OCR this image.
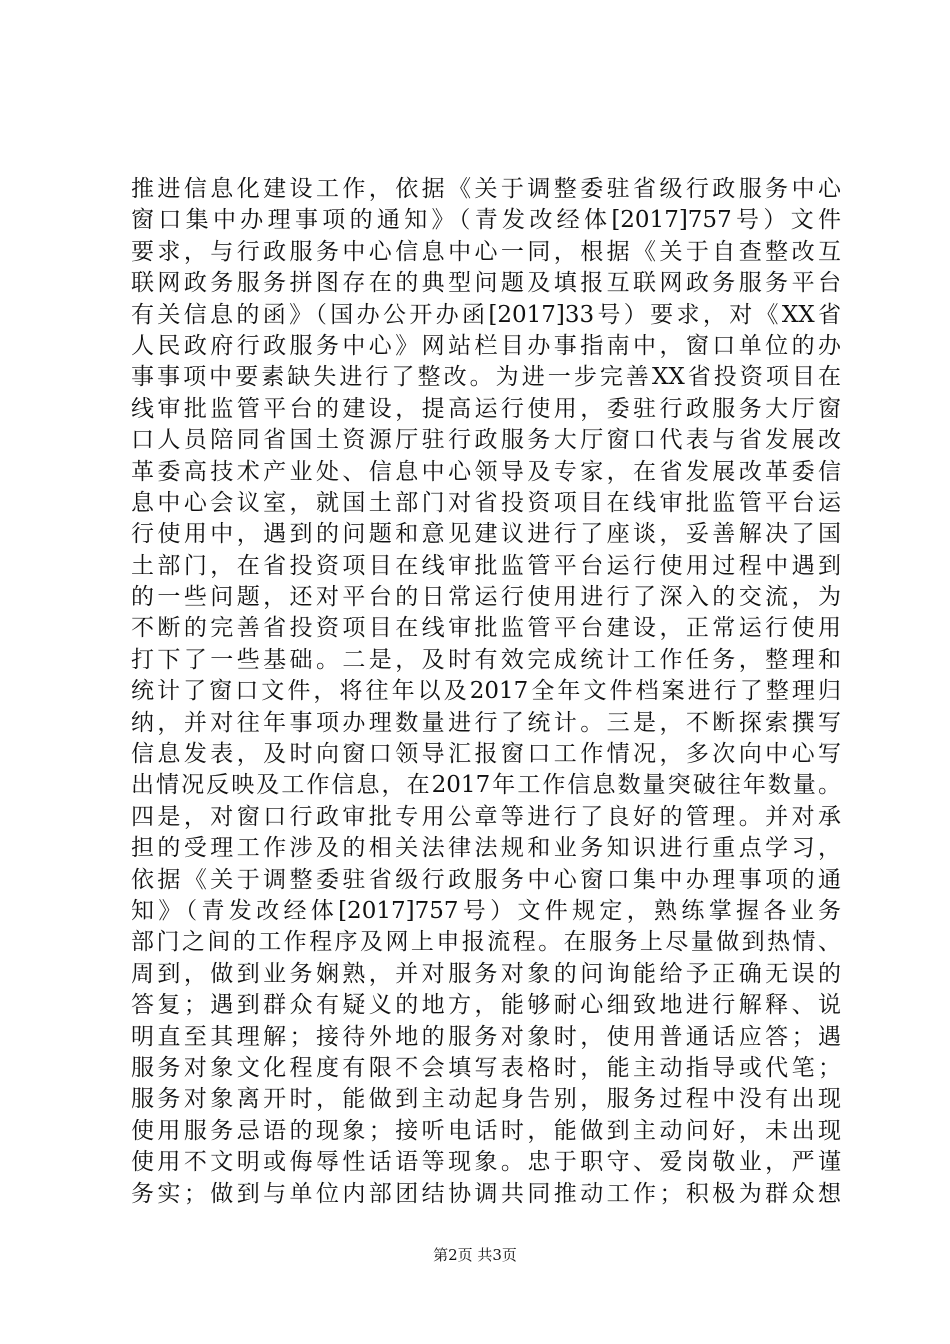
推进信息化建设工作，依据《关于调整委驻省级行政服务中心
窗口集中办理事项的通知》（青发改经体[2017]757号）文件
要求，与行政服务中心信息中心一同，根据《关于自查整改互
联网政务服务拼图存在的典型问题及填报互联网政务服务平台
有关信息的函》（国办公开办函[2017]33号）要求，对《XX省
人民政府行政服务中心》网站栏目办事指南中，窗口单位的办
事事项中要素缺失进行了整改。为进一步完善XX省投资项目在
线审批监管平台的建设，提高运行使用，委驻行政服务大厅窗
口人员陪同省国土资源厅驻行政服务大厅窗口代表与省发展改
革委高技术产业处、信息中心领导及专家，在省发展改革委信
息中心会议室，就国土部门对省投资项目在线审批监管平台运
行使用中，遇到的问题和意见建议进行了座谈，妥善解决了国
土部门，在省投资项目在线审批监管平台运行使用过程中遇到
的一些问题，还对平台的日常运行使用进行了深入的交流，为
不断的完善省投资项目在线审批监管平台建设，正常运行使用
打下了一些基础。二是，及时有效完成统计工作任务，整理和
统计了窗口文件，将往年以及2017全年文件档案进行了整理归
纳，并对往年事项办理数量进行了统计。三是，不断探索撰写
信息发表，及时向窗口领导汇报窗口工作情况，多次向中心写
出情况反映及工作信息，在2017年工作信息数量突破往年数量。
四是，对窗口行政审批专用公章等进行了良好的管理。并对承
担的受理工作涉及的相关法律法规和业务知识进行重点学习，
依据《关于调整委驻省级行政服务中心窗口集中办理事项的通
知》（青发改经体[2017]757号）文件规定，熟练掌握各业务
部门之间的工作程序及网上申报流程。在服务上尽量做到热情、
周到，做到业务娴熟，并对服务对象的问询能给予正确无误的
答复；遇到群众有疑义的地方，能够耐心细致地进行解释、说
明直至其理解；接待外地的服务对象时，使用普通话应答；遇
服务对象文化程度有限不会填写表格时，能主动指导或代笔；
服务对象离开时，能做到主动起身告别，服务过程中没有出现
使用服务忌语的现象；接听电话时，能做到主动问好，未出现
使用不文明或侮辱性话语等现象。忠于职守、爱岗敬业，严谨
务实；做到与单位内部团结协调共同推动工作；积极为群众想
第2页 共3页
